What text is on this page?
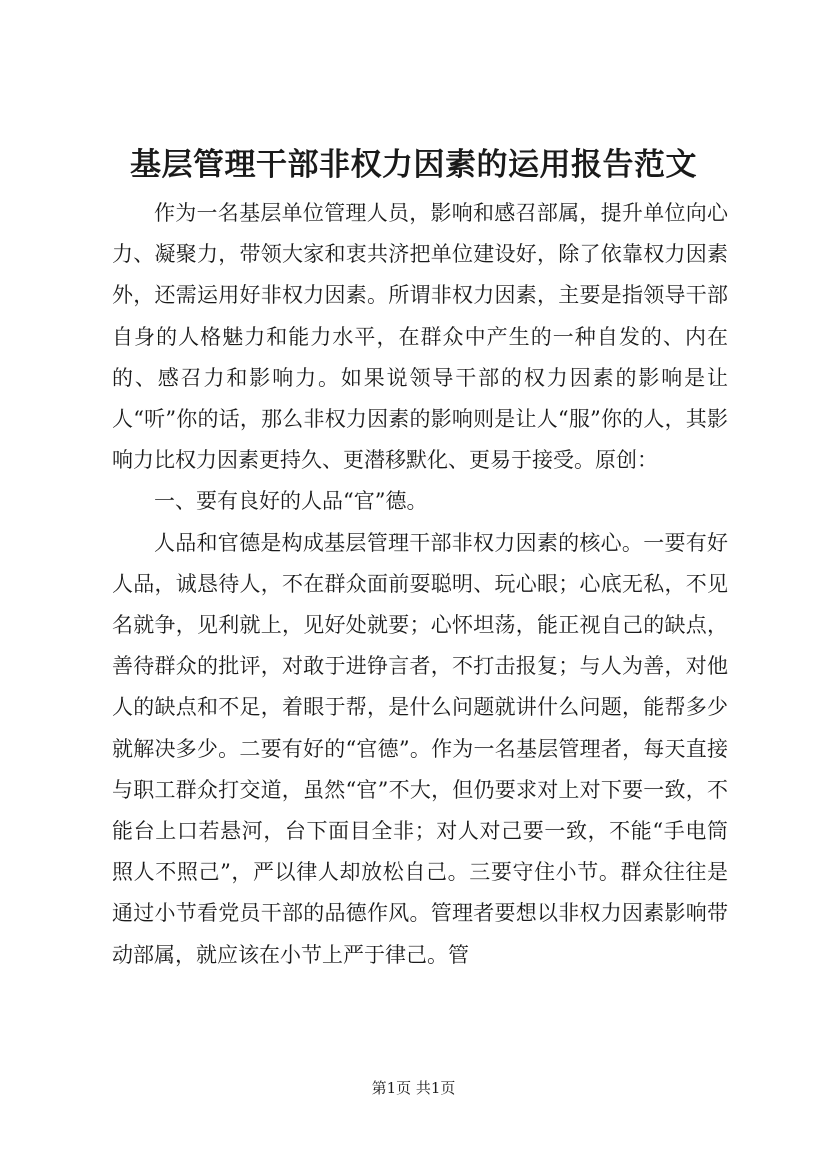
基层管理干部非权力因素的运用报告范文

作为一名基层单位管理人员，影响和感召部属，提升单位向心力、凝聚力，带领大家和衷共济把单位建设好，除了依靠权力因素外，还需运用好非权力因素。所谓非权力因素，主要是指领导干部自身的人格魅力和能力水平，在群众中产生的一种自发的、内在的、感召力和影响力。如果说领导干部的权力因素的影响是让人“听”你的话，那么非权力因素的影响则是让人“服”你的人，其影响力比权力因素更持久、更潜移默化、更易于接受。原创：

一、要有良好的人品“官”德。

人品和官德是构成基层管理干部非权力因素的核心。一要有好人品，诚恳待人，不在群众面前耍聪明、玩心眼；心底无私，不见名就争，见利就上，见好处就要；心怀坦荡，能正视自己的缺点，善待群众的批评，对敢于进铮言者，不打击报复；与人为善，对他人的缺点和不足，着眼于帮，是什么问题就讲什么问题，能帮多少就解决多少。二要有好的“官德”。作为一名基层管理者，每天直接与职工群众打交道，虽然“官”不大，但仍要求对上对下要一致，不能台上口若悬河，台下面目全非；对人对己要一致，不能“手电筒照人不照己”，严以律人却放松自己。三要守住小节。群众往往是通过小节看党员干部的品德作风。管理者要想以非权力因素影响带动部属，就应该在小节上严于律己。管

第1页 共1页
